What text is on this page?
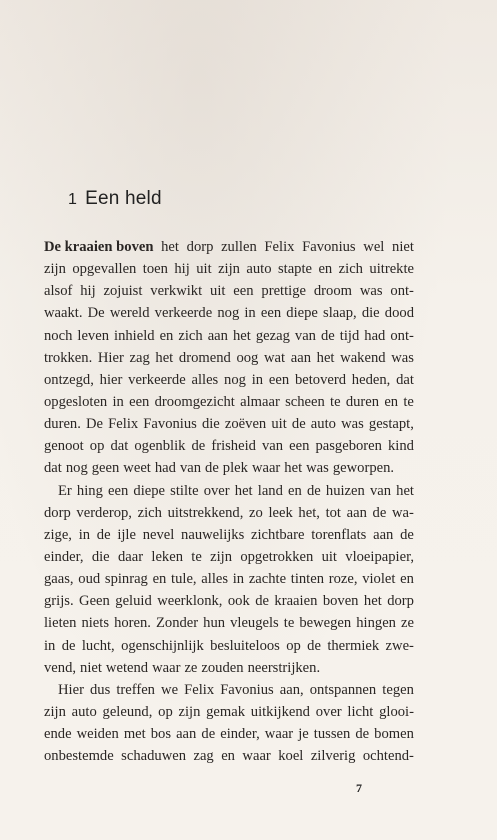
1 Een held
De kraaien boven het dorp zullen Felix Favonius wel niet
zijn opgevallen toen hij uit zijn auto stapte en zich uitrekte
alsof hij zojuist verkwikt uit een prettige droom was ont-
waakt. De wereld verkeerde nog in een diepe slaap, die dood
noch leven inhield en zich aan het gezag van de tijd had ont-
trokken. Hier zag het dromend oog wat aan het wakend was
ontzegd, hier verkeerde alles nog in een betoverd heden, dat
opgesloten in een droomgezicht almaar scheen te duren en te
duren. De Felix Favonius die zoëven uit de auto was gestapt,
genoot op dat ogenblik de frisheid van een pasgeboren kind
dat nog geen weet had van de plek waar het was geworpen.
Er hing een diepe stilte over het land en de huizen van het
dorp verderop, zich uitstrekkend, zo leek het, tot aan de wa-
zige, in de ijle nevel nauwelijks zichtbare torenflats aan de
einder, die daar leken te zijn opgetrokken uit vloeipapier,
gaas, oud spinrag en tule, alles in zachte tinten roze, violet en
grijs. Geen geluid weerklonk, ook de kraaien boven het dorp
lieten niets horen. Zonder hun vleugels te bewegen hingen ze
in de lucht, ogenschijnlijk besluiteloos op de thermiek zwe-
vend, niet wetend waar ze zouden neerstrijken.
Hier dus treffen we Felix Favonius aan, ontspannen tegen
zijn auto geleund, op zijn gemak uitkijkend over licht glooi-
ende weiden met bos aan de einder, waar je tussen de bomen
onbestemde schaduwen zag en waar koel zilverig ochtend-
7
